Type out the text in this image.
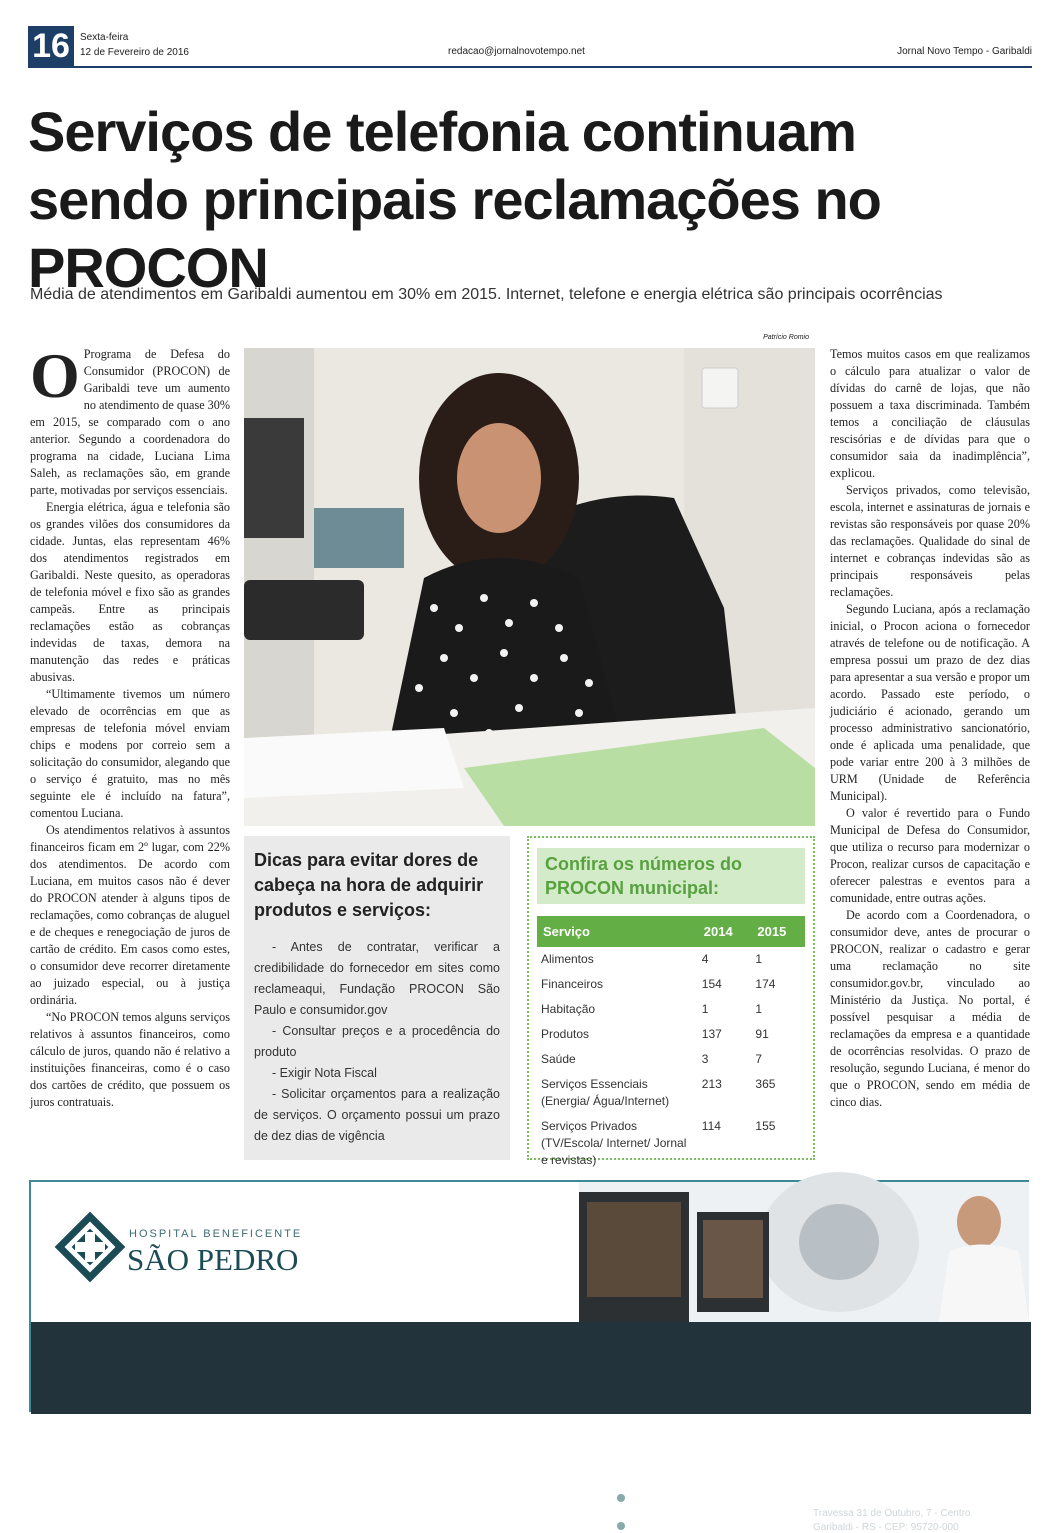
16	Sexta-feira
12 de Fevereiro de 2016	redacao@jornalnovotempo.net	Jornal Novo Tempo - Garibaldi
Serviços de telefonia continuam sendo principais reclamações no PROCON
Média de atendimentos em Garibaldi aumentou em 30% em 2015. Internet, telefone e energia elétrica são principais ocorrências

O Programa de Defesa do Consumidor (PROCON) de Garibaldi teve um aumento no atendimento de quase 30% em 2015, se comparado com o ano anterior. Segundo a coordenadora do programa na cidade, Luciana Lima Saleh, as reclamações são, em grande parte, motivadas por serviços essenciais.

Energia elétrica, água e telefonia são os grandes vilões dos consumidores da cidade. Juntas, elas representam 46% dos atendimentos registrados em Garibaldi. Neste quesito, as operadoras de telefonia móvel e fixo são as grandes campeãs. Entre as principais reclamações estão as cobranças indevidas de taxas, demora na manutenção das redes e práticas abusivas.

“Ultimamente tivemos um número elevado de ocorrências em que as empresas de telefonia móvel enviam chips e modens por correio sem a solicitação do consumidor, alegando que o serviço é gratuito, mas no mês seguinte ele é incluído na fatura”, comentou Luciana.

Os atendimentos relativos à assuntos financeiros ficam em 2º lugar, com 22% dos atendimentos. De acordo com Luciana, em muitos casos não é dever do PROCON atender à alguns tipos de reclamações, como cobranças de aluguel e de cheques e renegociação de juros de cartão de crédito. Em casos como estes, o consumidor deve recorrer diretamente ao juizado especial, ou à justiça ordinária.

“No PROCON temos alguns serviços relativos à assuntos financeiros, como cálculo de juros, quando não é relativo a instituições financeiras, como é o caso dos cartões de crédito, que possuem os juros contratuais.

Patrício Romio
Dicas para evitar dores de cabeça na hora de adquirir produtos e serviços:

- Antes de contratar, verificar a credibilidade do fornecedor em sites como reclameaqui, Fundação PROCON São Paulo e consumidor.gov

- Consultar preços e a procedência do produto

- Exigir Nota Fiscal

- Solicitar orçamentos para a realização de serviços. O orçamento possui um prazo de dez dias de vigência

Confira os números do PROCON municipal:
Serviço	2014	2015
Alimentos	4	1
Financeiros	154	174
Habitação	1	1
Produtos	137	91
Saúde	3	7
Serviços Essenciais (Energia/ Água/Internet)	213	365
Serviços Privados (TV/Escola/ Internet/ Jornal e revistas)	114	155

Temos muitos casos em que realizamos o cálculo para atualizar o valor de dívidas do carnê de lojas, que não possuem a taxa discriminada. Também temos a conciliação de cláusulas rescisórias e de dívidas para que o consumidor saia da inadimplência”, explicou.

Serviços privados, como televisão, escola, internet e assinaturas de jornais e revistas são responsáveis por quase 20% das reclamações. Qualidade do sinal de internet e cobranças indevidas são as principais responsáveis pelas reclamações.

Segundo Luciana, após a reclamação inicial, o Procon aciona o fornecedor através de telefone ou de notificação. A empresa possui um prazo de dez dias para apresentar a sua versão e propor um acordo. Passado este período, o judiciário é acionado, gerando um processo administrativo sancionatório, onde é aplicada uma penalidade, que pode variar entre 200 à 3 milhões de URM (Unidade de Referência Municipal).

O valor é revertido para o Fundo Municipal de Defesa do Consumidor, que utiliza o recurso para modernizar o Procon, realizar cursos de capacitação e oferecer palestras e eventos para a comunidade, entre outras ações.

De acordo com a Coordenadora, o consumidor deve, antes de procurar o PROCON, realizar o cadastro e gerar uma reclamação no site consumidor.gov.br, vinculado ao Ministério da Justiça. No portal, é possível pesquisar a média de reclamações da empresa e a quantidade de ocorrências resolvidas. O prazo de resolução, segundo Luciana, é menor do que o PROCON, sendo em média de cinco dias.

HOSPITAL BENEFICENTE
SÃO PEDRO
Tomografia multislice 16 canais
A melhor qualidade para os seus exames
www.hbsp.com.br
www.fb.com/hbspgdi
Fone/fax: (54) 3464.9797
Travessa 31 de Outubro, 7 - Centro
Garibaldi - RS - CEP: 95720-000
